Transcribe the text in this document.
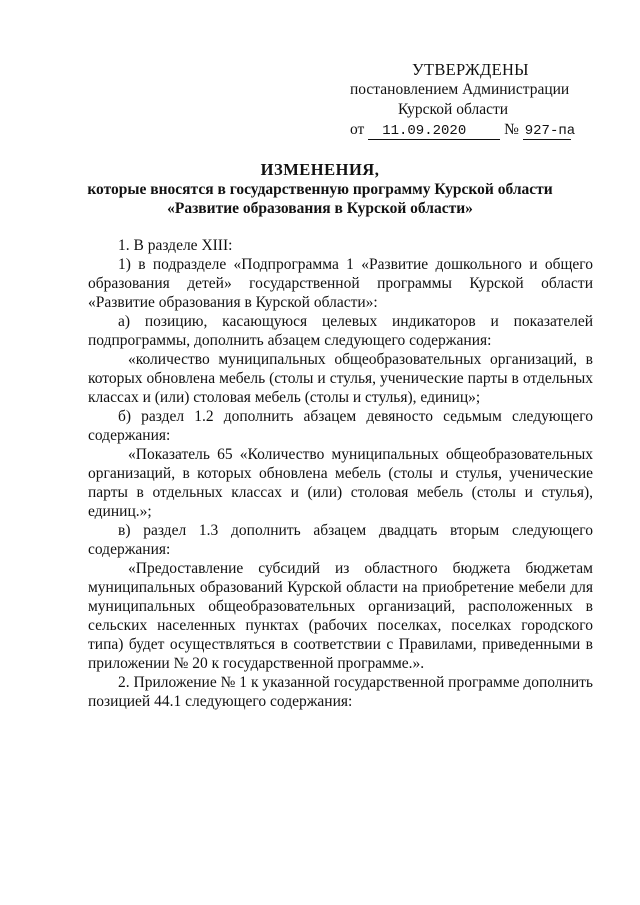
УТВЕРЖДЕНЫ
постановлением Администрации
Курской области
от 11.09.2020 № 927-па
ИЗМЕНЕНИЯ,
которые вносятся в государственную программу Курской области
«Развитие образования в Курской области»

1. В разделе XIII:

1) в подразделе «Подпрограмма 1 «Развитие дошкольного и общего образования детей» государственной программы Курской области «Развитие образования в Курской области»:

а) позицию, касающуюся целевых индикаторов и показателей подпрограммы, дополнить абзацем следующего содержания:

«количество муниципальных общеобразовательных организаций, в которых обновлена мебель (столы и стулья, ученические парты в отдельных классах и (или) столовая мебель (столы и стулья), единиц»;

б) раздел 1.2 дополнить абзацем девяносто седьмым следующего содержания:

«Показатель 65 «Количество муниципальных общеобразовательных организаций, в которых обновлена мебель (столы и стулья, ученические парты в отдельных классах и (или) столовая мебель (столы и стулья), единиц.»;

в) раздел 1.3 дополнить абзацем двадцать вторым следующего содержания:

«Предоставление субсидий из областного бюджета бюджетам муниципальных образований Курской области на приобретение мебели для муниципальных общеобразовательных организаций, расположенных в сельских населенных пунктах (рабочих поселках, поселках городского типа) будет осуществляться в соответствии с Правилами, приведенными в приложении № 20 к государственной программе.».

2. Приложение № 1 к указанной государственной программе дополнить позицией 44.1 следующего содержания:
